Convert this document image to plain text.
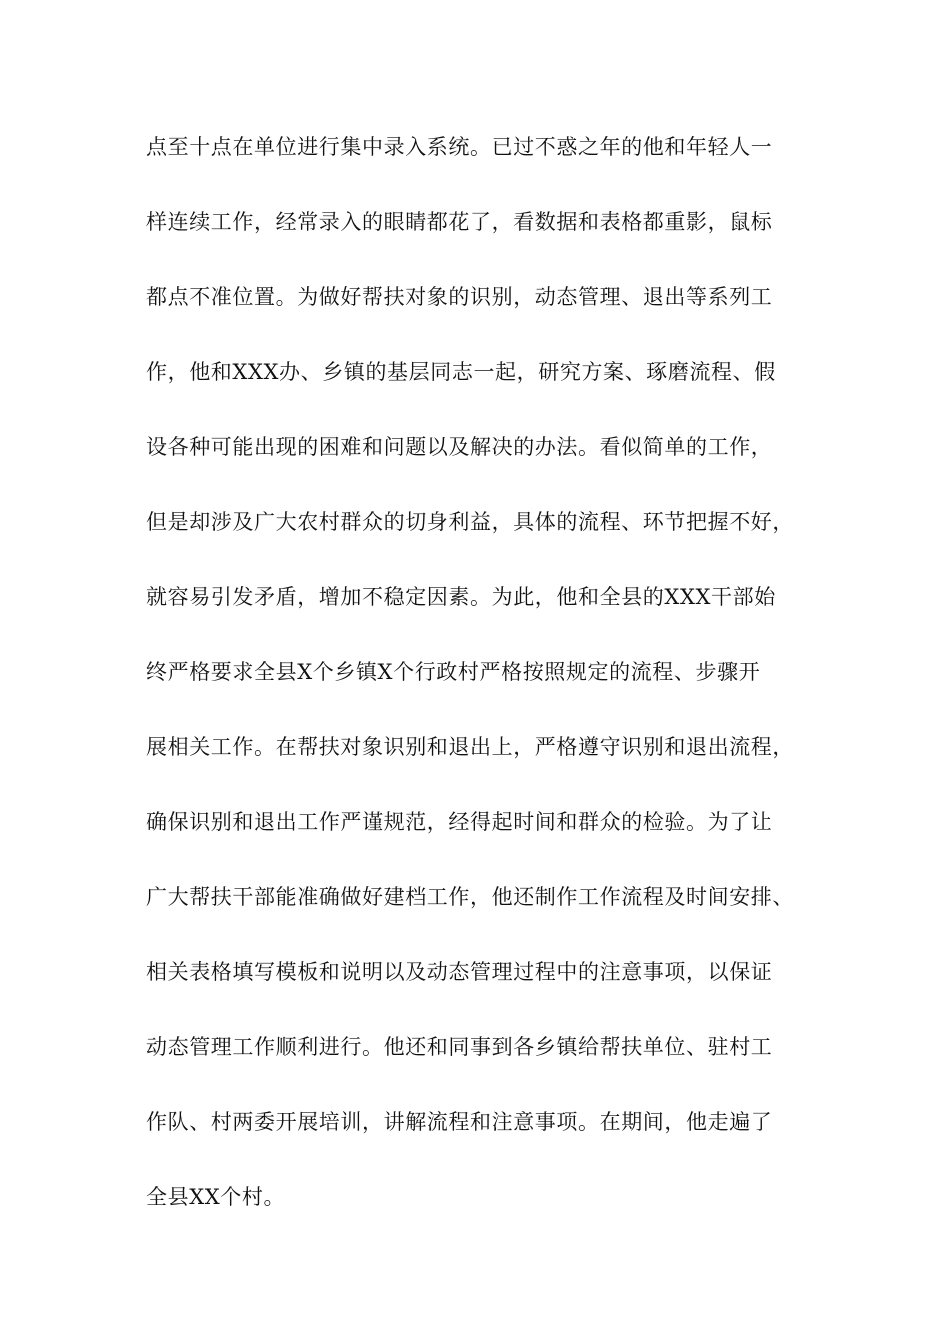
点至十点在单位进行集中录入系统。已过不惑之年的他和年轻人一
样连续工作，经常录入的眼睛都花了，看数据和表格都重影，鼠标
都点不准位置。为做好帮扶对象的识别，动态管理、退出等系列工
作，他和XXX办、乡镇的基层同志一起，研究方案、琢磨流程、假
设各种可能出现的困难和问题以及解决的办法。看似简单的工作，
但是却涉及广大农村群众的切身利益，具体的流程、环节把握不好，
就容易引发矛盾，增加不稳定因素。为此，他和全县的XXX干部始
终严格要求全县X个乡镇X个行政村严格按照规定的流程、步骤开
展相关工作。在帮扶对象识别和退出上，严格遵守识别和退出流程，
确保识别和退出工作严谨规范，经得起时间和群众的检验。为了让
广大帮扶干部能准确做好建档工作，他还制作工作流程及时间安排、
相关表格填写模板和说明以及动态管理过程中的注意事项，以保证
动态管理工作顺利进行。他还和同事到各乡镇给帮扶单位、驻村工
作队、村两委开展培训，讲解流程和注意事项。在期间，他走遍了
全县XX个村。
